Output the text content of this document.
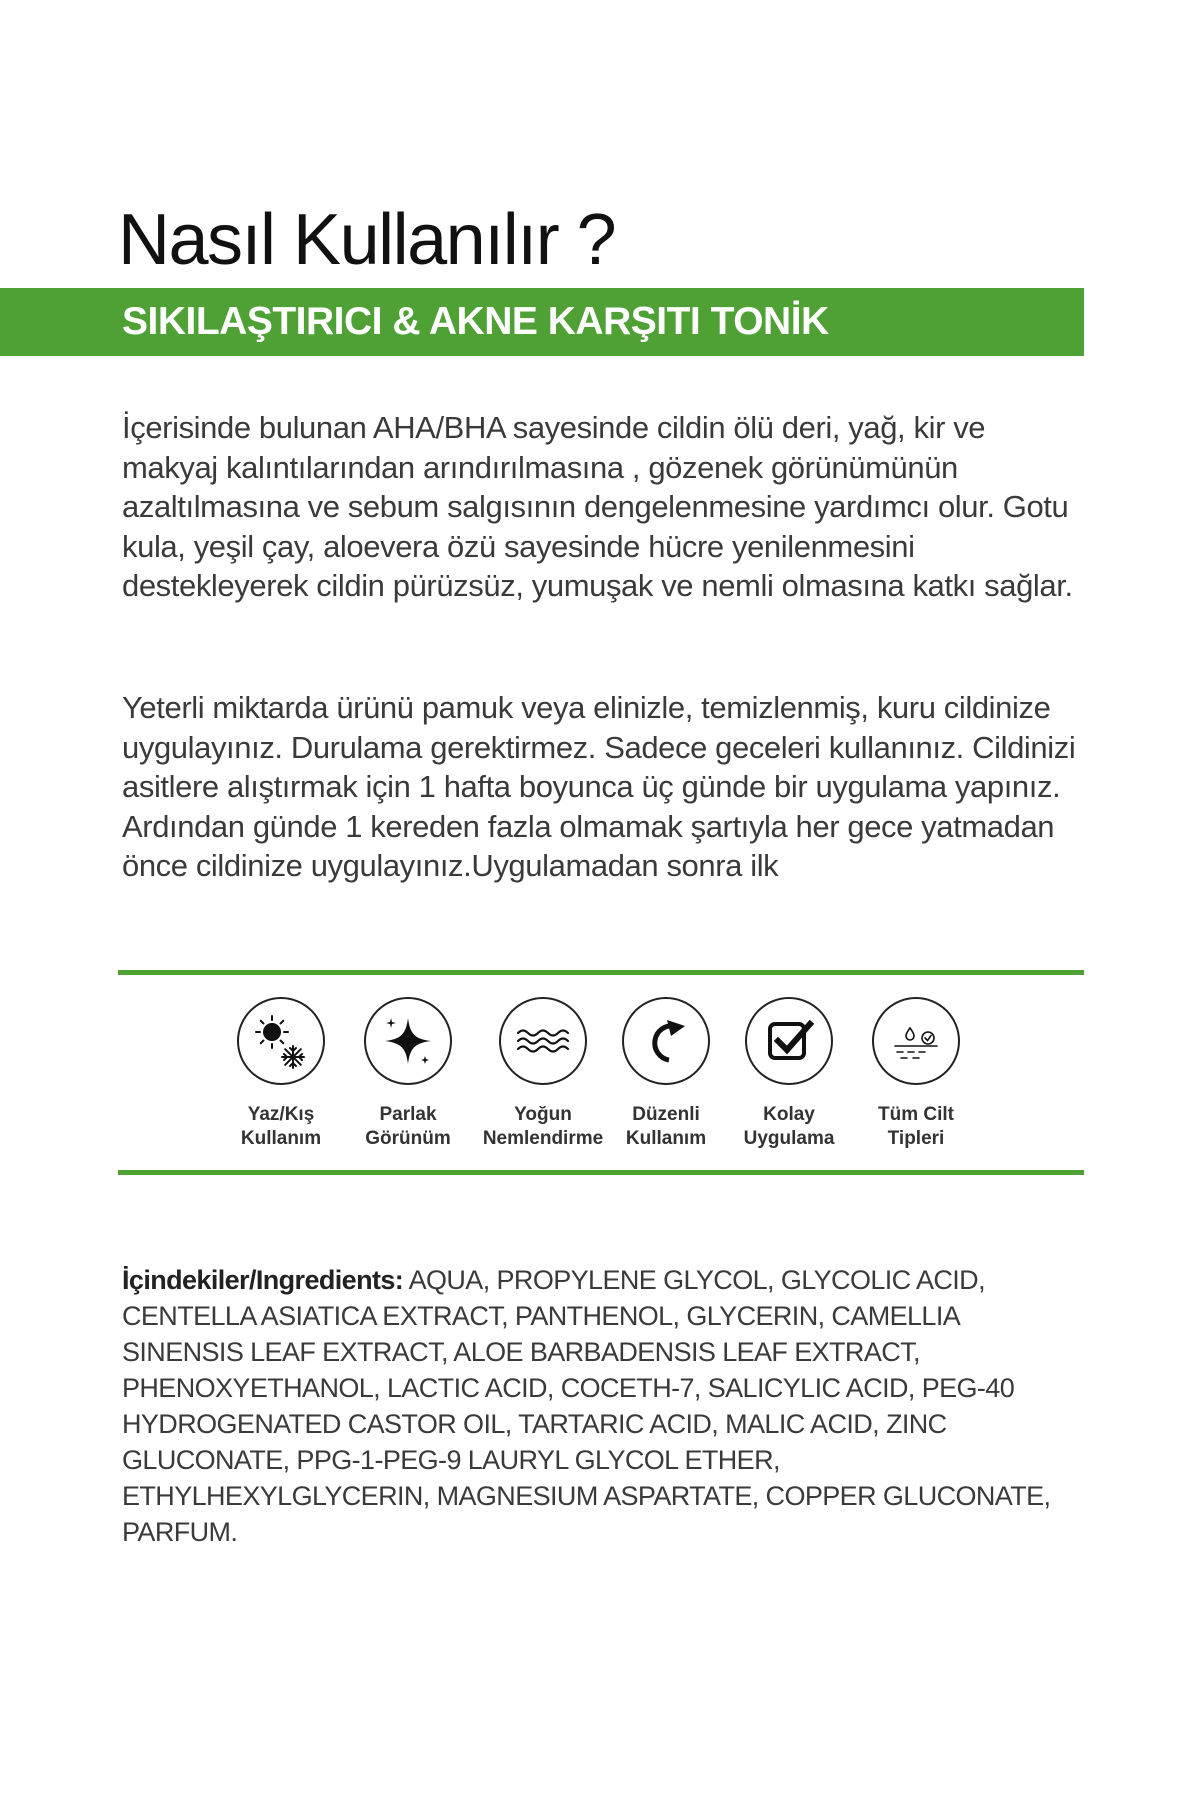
Nasıl Kullanılır ?
SIKILAŞTIRICI & AKNE KARŞITI TONİK

İçerisinde bulunan AHA/BHA sayesinde cildin ölü deri, yağ, kir ve makyaj kalıntılarından arındırılmasına , gözenek görünümünün azaltılmasına ve sebum salgısının dengelenmesine yardımcı olur. Gotu kula, yeşil çay, aloevera özü sayesinde hücre yenilenmesini destekleyerek cildin pürüzsüz, yumuşak ve nemli olmasına katkı sağlar.

Yeterli miktarda ürünü pamuk veya elinizle, temizlenmiş, kuru cildinize uygulayınız. Durulama gerektirmez. Sadece geceleri kullanınız. Cildinizi asitlere alıştırmak için 1 hafta boyunca üç günde bir uygulama yapınız. Ardından günde 1 kereden fazla olmamak şartıyla her gece yatmadan önce cildinize uygulayınız.Uygulamadan sonra ilk

Yaz/Kış
Kullanım
Parlak
Görünüm
Yoğun
Nemlendirme
Düzenli
Kullanım
Kolay
Uygulama
Tüm Cilt
Tipleri

İçindekiler/Ingredients: AQUA, PROPYLENE GLYCOL, GLYCOLIC ACID, CENTELLA ASIATICA EXTRACT, PANTHENOL, GLYCERIN, CAMELLIA SINENSIS LEAF EXTRACT, ALOE BARBADENSIS LEAF EXTRACT, PHENOXYETHANOL, LACTIC ACID, COCETH-7, SALICYLIC ACID, PEG-40 HYDROGENATED CASTOR OIL, TARTARIC ACID, MALIC ACID, ZINC GLUCONATE, PPG-1-PEG-9 LAURYL GLYCOL ETHER, ETHYLHEXYLGLYCERIN, MAGNESIUM ASPARTATE, COPPER GLUCONATE, PARFUM.
